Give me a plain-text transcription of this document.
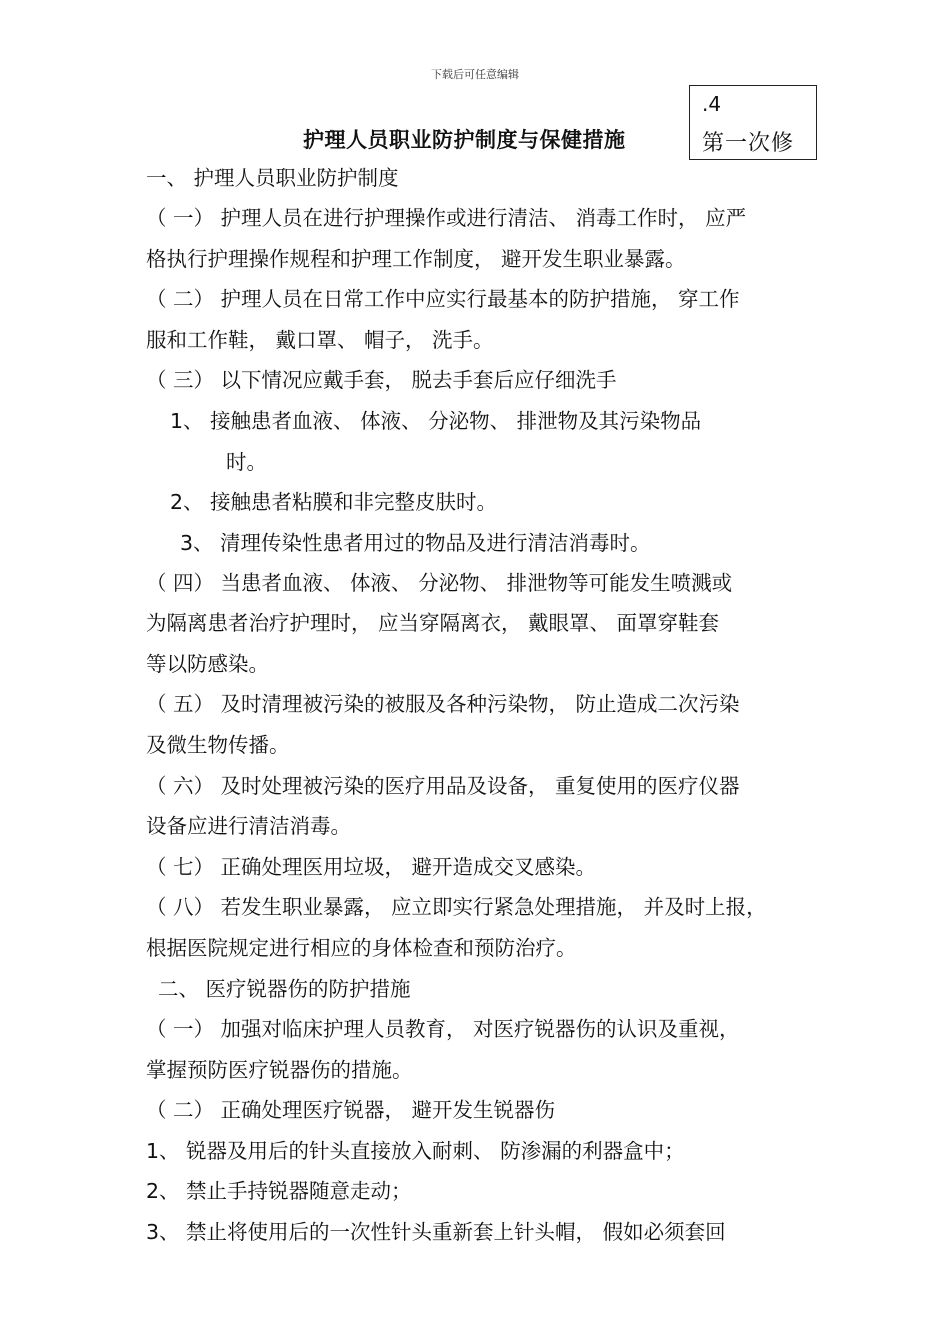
下载后可任意编辑
.4
第一次修
护理人员职业防护制度与保健措施
一、 护理人员职业防护制度
（ 一） 护理人员在进行护理操作或进行清洁、 消毒工作时， 应严
格执行护理操作规程和护理工作制度， 避开发生职业暴露。
（ 二） 护理人员在日常工作中应实行最基本的防护措施， 穿工作
服和工作鞋， 戴口罩、 帽子， 洗手。
（ 三） 以下情况应戴手套， 脱去手套后应仔细洗手
1、 接触患者血液、 体液、 分泌物、 排泄物及其污染物品
时。
2、 接触患者粘膜和非完整皮肤时。
3、 清理传染性患者用过的物品及进行清洁消毒时。
（ 四） 当患者血液、 体液、 分泌物、 排泄物等可能发生喷溅或
为隔离患者治疗护理时， 应当穿隔离衣， 戴眼罩、 面罩穿鞋套
等以防感染。
（ 五） 及时清理被污染的被服及各种污染物， 防止造成二次污染
及微生物传播。
（ 六） 及时处理被污染的医疗用品及设备， 重复使用的医疗仪器
设备应进行清洁消毒。
（ 七） 正确处理医用垃圾， 避开造成交叉感染。
（ 八） 若发生职业暴露， 应立即实行紧急处理措施， 并及时上报，
根据医院规定进行相应的身体检查和预防治疗。
二、 医疗锐器伤的防护措施
（ 一） 加强对临床护理人员教育， 对医疗锐器伤的认识及重视，
掌握预防医疗锐器伤的措施。
（ 二） 正确处理医疗锐器， 避开发生锐器伤
1、 锐器及用后的针头直接放入耐刺、 防渗漏的利器盒中；
2、 禁止手持锐器随意走动；
3、 禁止将使用后的一次性针头重新套上针头帽， 假如必须套回
